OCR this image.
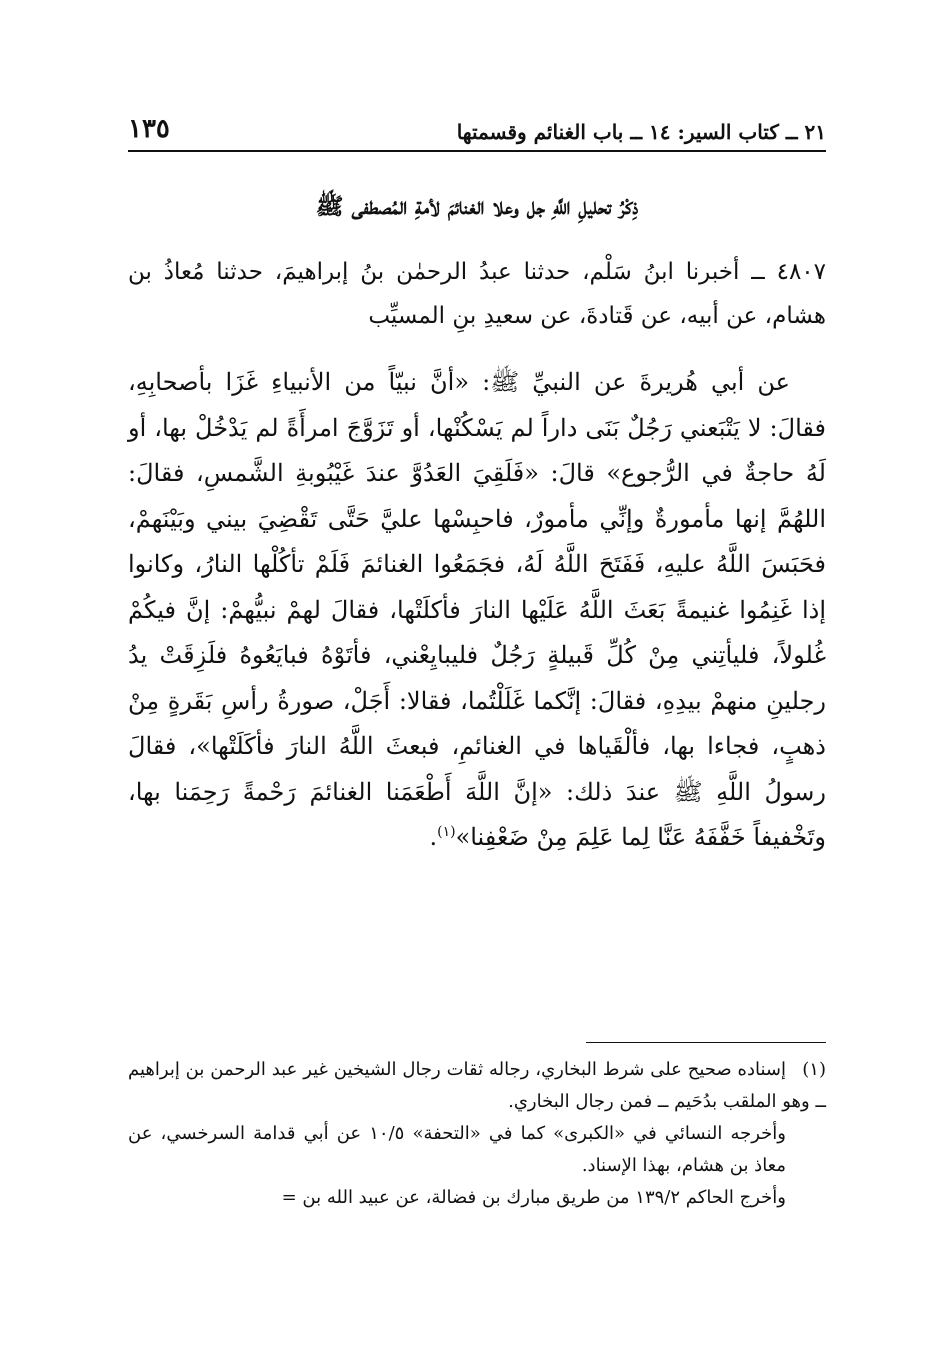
٢١ ــ كتاب السير: ١٤ ــ باب الغنائم وقسمتها
١٣٥
ذِكْرُ تحليلِ اللَّهِ جل وعلا الغنائمَ لأمةِ المُصطفى ﷺ
٤٨٠٧ ــ أخبرنا ابنُ سَلْم، حدثنا عبدُ الرحمٰن بنُ إبراهيمَ، حدثنا مُعاذُ بن هشام، عن أبيه، عن قَتادةَ، عن سعيدِ بنِ المسيِّب
عن أبي هُريرةَ عن النبيِّ ﷺ: «أنَّ نبيّاً من الأنبياءِ غَزَا بأصحابِهِ، فقالَ: لا يَتْبَعني رَجُلٌ بَنَى داراً لم يَسْكُنْها، أو تَزَوَّجَ امرأَةً لم يَدْخُلْ بها، أو لَهُ حاجةٌ في الرُّجوع» قالَ: «فَلَقِيَ العَدُوَّ عندَ غَيْبُوبةِ الشَّمسِ، فقالَ: اللهُمَّ إنها مأمورةٌ وإنِّي مأمورٌ، فاحبِسْها عليَّ حَتَّى تَقْضِيَ بيني وبَيْنَهمْ، فحَبَسَ اللَّهُ عليهِ، فَفَتَحَ اللَّهُ لَهُ، فجَمَعُوا الغنائمَ فَلَمْ تأكُلْها النارُ، وكانوا إذا غَنِمُوا غنيمةً بَعَثَ اللَّهُ عَلَيْها النارَ فأكلَتْها، فقالَ لهمْ نبيُّهمْ: إنَّ فيكُمْ غُلولاً، فليأتِني مِنْ كُلِّ قَبيلةٍ رَجُلٌ فليبايِعْني، فأتَوْهُ فبايَعُوهُ فلَزِقَتْ يدُ رجلينِ منهمْ بيدِهِ، فقالَ: إنَّكما غَلَلْتُما، فقالا: أَجَلْ، صورةُ رأسِ بَقَرةٍ مِنْ ذهبٍ، فجاءا بها، فألْقَياها في الغنائمِ، فبعثَ اللَّهُ النارَ فأكَلَتْها»، فقالَ رسولُ اللَّهِ ﷺ عندَ ذلك: «إنَّ اللَّهَ أَطْعَمَنا الغنائمَ رَحْمةً رَحِمَنا بها، وتَخْفيفاً خَفَّفَهُ عَنَّا لِما عَلِمَ مِنْ ضَعْفِنا»$^{(١)}$.
(١)إسناده صحيح على شرط البخاري، رجاله ثقات رجال الشيخين غير عبد الرحمن بن إبراهيم ــ وهو الملقب بدُحَيم ــ فمن رجال البخاري.
وأخرجه النسائي في «الكبرى» كما في «التحفة» ١٠/٥ عن أبي قدامة السرخسي، عن معاذ بن هشام، بهذا الإسناد.
وأخرج الحاكم ١٣٩/٢ من طريق مبارك بن فضالة، عن عبيد الله بن =
